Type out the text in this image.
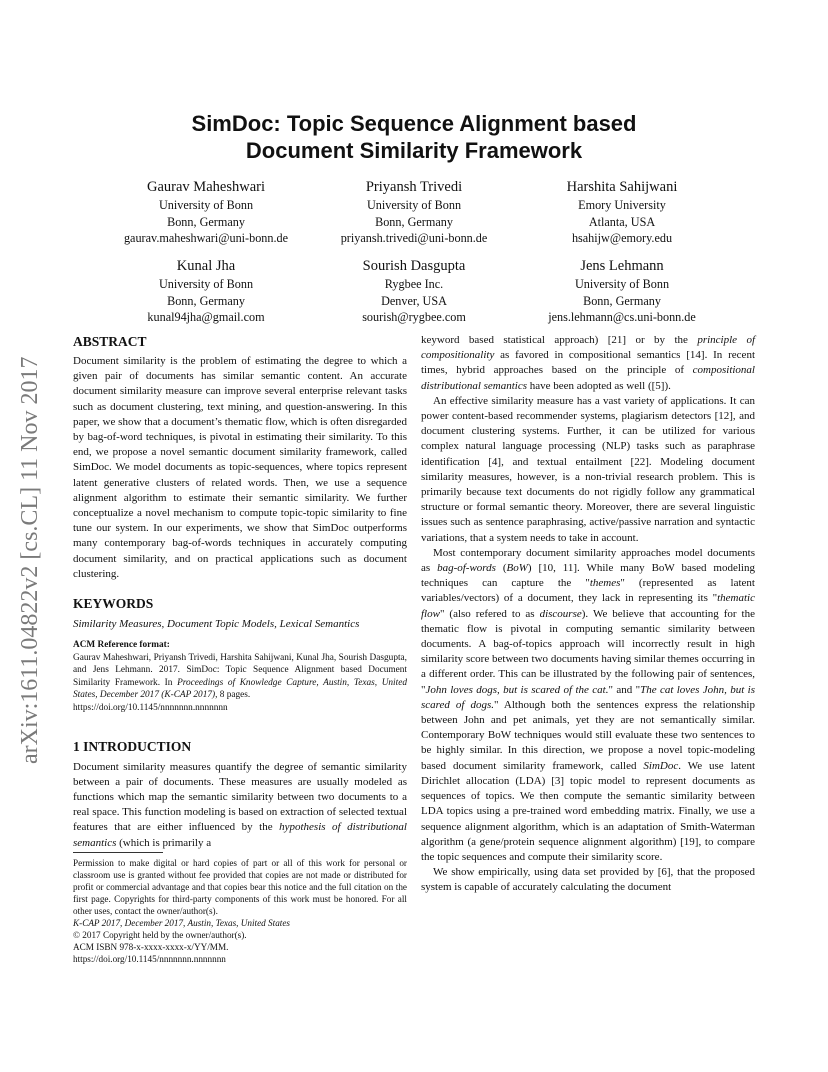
arXiv:1611.04822v2 [cs.CL] 11 Nov 2017
SimDoc: Topic Sequence Alignment based
Document Similarity Framework
Gaurav Maheshwari
University of Bonn
Bonn, Germany
gaurav.maheshwari@uni-bonn.de
Priyansh Trivedi
University of Bonn
Bonn, Germany
priyansh.trivedi@uni-bonn.de
Harshita Sahijwani
Emory University
Atlanta, USA
hsahijw@emory.edu
Kunal Jha
University of Bonn
Bonn, Germany
kunal94jha@gmail.com
Sourish Dasgupta
Rygbee Inc.
Denver, USA
sourish@rygbee.com
Jens Lehmann
University of Bonn
Bonn, Germany
jens.lehmann@cs.uni-bonn.de
ABSTRACT

Document similarity is the problem of estimating the degree to which a given pair of documents has similar semantic content. An accurate document similarity measure can improve several enterprise relevant tasks such as document clustering, text mining, and question-answering. In this paper, we show that a document’s thematic flow, which is often disregarded by bag-of-word techniques, is pivotal in estimating their similarity. To this end, we propose a novel semantic document similarity framework, called SimDoc. We model documents as topic-sequences, where topics represent latent generative clusters of related words. Then, we use a sequence alignment algorithm to estimate their semantic similarity. We further conceptualize a novel mechanism to compute topic-topic similarity to fine tune our system. In our experiments, we show that SimDoc outperforms many contemporary bag-of-words techniques in accurately computing document similarity, and on practical applications such as document clustering.

KEYWORDS

Similarity Measures, Document Topic Models, Lexical Semantics

ACM Reference format:

Gaurav Maheshwari, Priyansh Trivedi, Harshita Sahijwani, Kunal Jha, Sourish Dasgupta, and Jens Lehmann. 2017. SimDoc: Topic Sequence Alignment based Document Similarity Framework. In Proceedings of Knowledge Capture, Austin, Texas, United States, December 2017 (K-CAP 2017), 8 pages.
https://doi.org/10.1145/nnnnnnn.nnnnnnn

1 INTRODUCTION

Document similarity measures quantify the degree of semantic similarity between a pair of documents. These measures are usually modeled as functions which map the semantic similarity between two documents to a real space. This function modeling is based on extraction of selected textual features that are either influenced by the hypothesis of distributional semantics (which is primarily a

Permission to make digital or hard copies of part or all of this work for personal or classroom use is granted without fee provided that copies are not made or distributed for profit or commercial advantage and that copies bear this notice and the full citation on the first page. Copyrights for third-party components of this work must be honored. For all other uses, contact the owner/author(s).

K-CAP 2017, December 2017, Austin, Texas, United States

© 2017 Copyright held by the owner/author(s).

ACM ISBN 978-x-xxxx-xxxx-x/YY/MM.

https://doi.org/10.1145/nnnnnnn.nnnnnnn

keyword based statistical approach) [21] or by the principle of compositionality as favored in compositional semantics [14]. In recent times, hybrid approaches based on the principle of compositional distributional semantics have been adopted as well ([5]).

An effective similarity measure has a vast variety of applications. It can power content-based recommender systems, plagiarism detectors [12], and document clustering systems. Further, it can be utilized for various complex natural language processing (NLP) tasks such as paraphrase identification [4], and textual entailment [22]. Modeling document similarity measures, however, is a non-trivial research problem. This is primarily because text documents do not rigidly follow any grammatical structure or formal semantic theory. Moreover, there are several linguistic issues such as sentence paraphrasing, active/passive narration and syntactic variations, that a system needs to take in account.

Most contemporary document similarity approaches model documents as bag-of-words (BoW) [10, 11]. While many BoW based modeling techniques can capture the "themes" (represented as latent variables/vectors) of a document, they lack in representing its "thematic flow" (also refered to as discourse). We believe that accounting for the thematic flow is pivotal in computing semantic similarity between documents. A bag-of-topics approach will incorrectly result in high similarity score between two documents having similar themes occurring in a different order. This can be illustrated by the following pair of sentences, "John loves dogs, but is scared of the cat." and "The cat loves John, but is scared of dogs." Although both the sentences express the relationship between John and pet animals, yet they are not semantically similar. Contemporary BoW techniques would still evaluate these two sentences to be highly similar. In this direction, we propose a novel topic-modeling based document similarity framework, called SimDoc. We use latent Dirichlet allocation (LDA) [3] topic model to represent documents as sequences of topics. We then compute the semantic similarity between LDA topics using a pre-trained word embedding matrix. Finally, we use a sequence alignment algorithm, which is an adaptation of Smith-Waterman algorithm (a gene/protein sequence alignment algorithm) [19], to compare the topic sequences and compute their similarity score.

We show empirically, using data set provided by [6], that the proposed system is capable of accurately calculating the document
